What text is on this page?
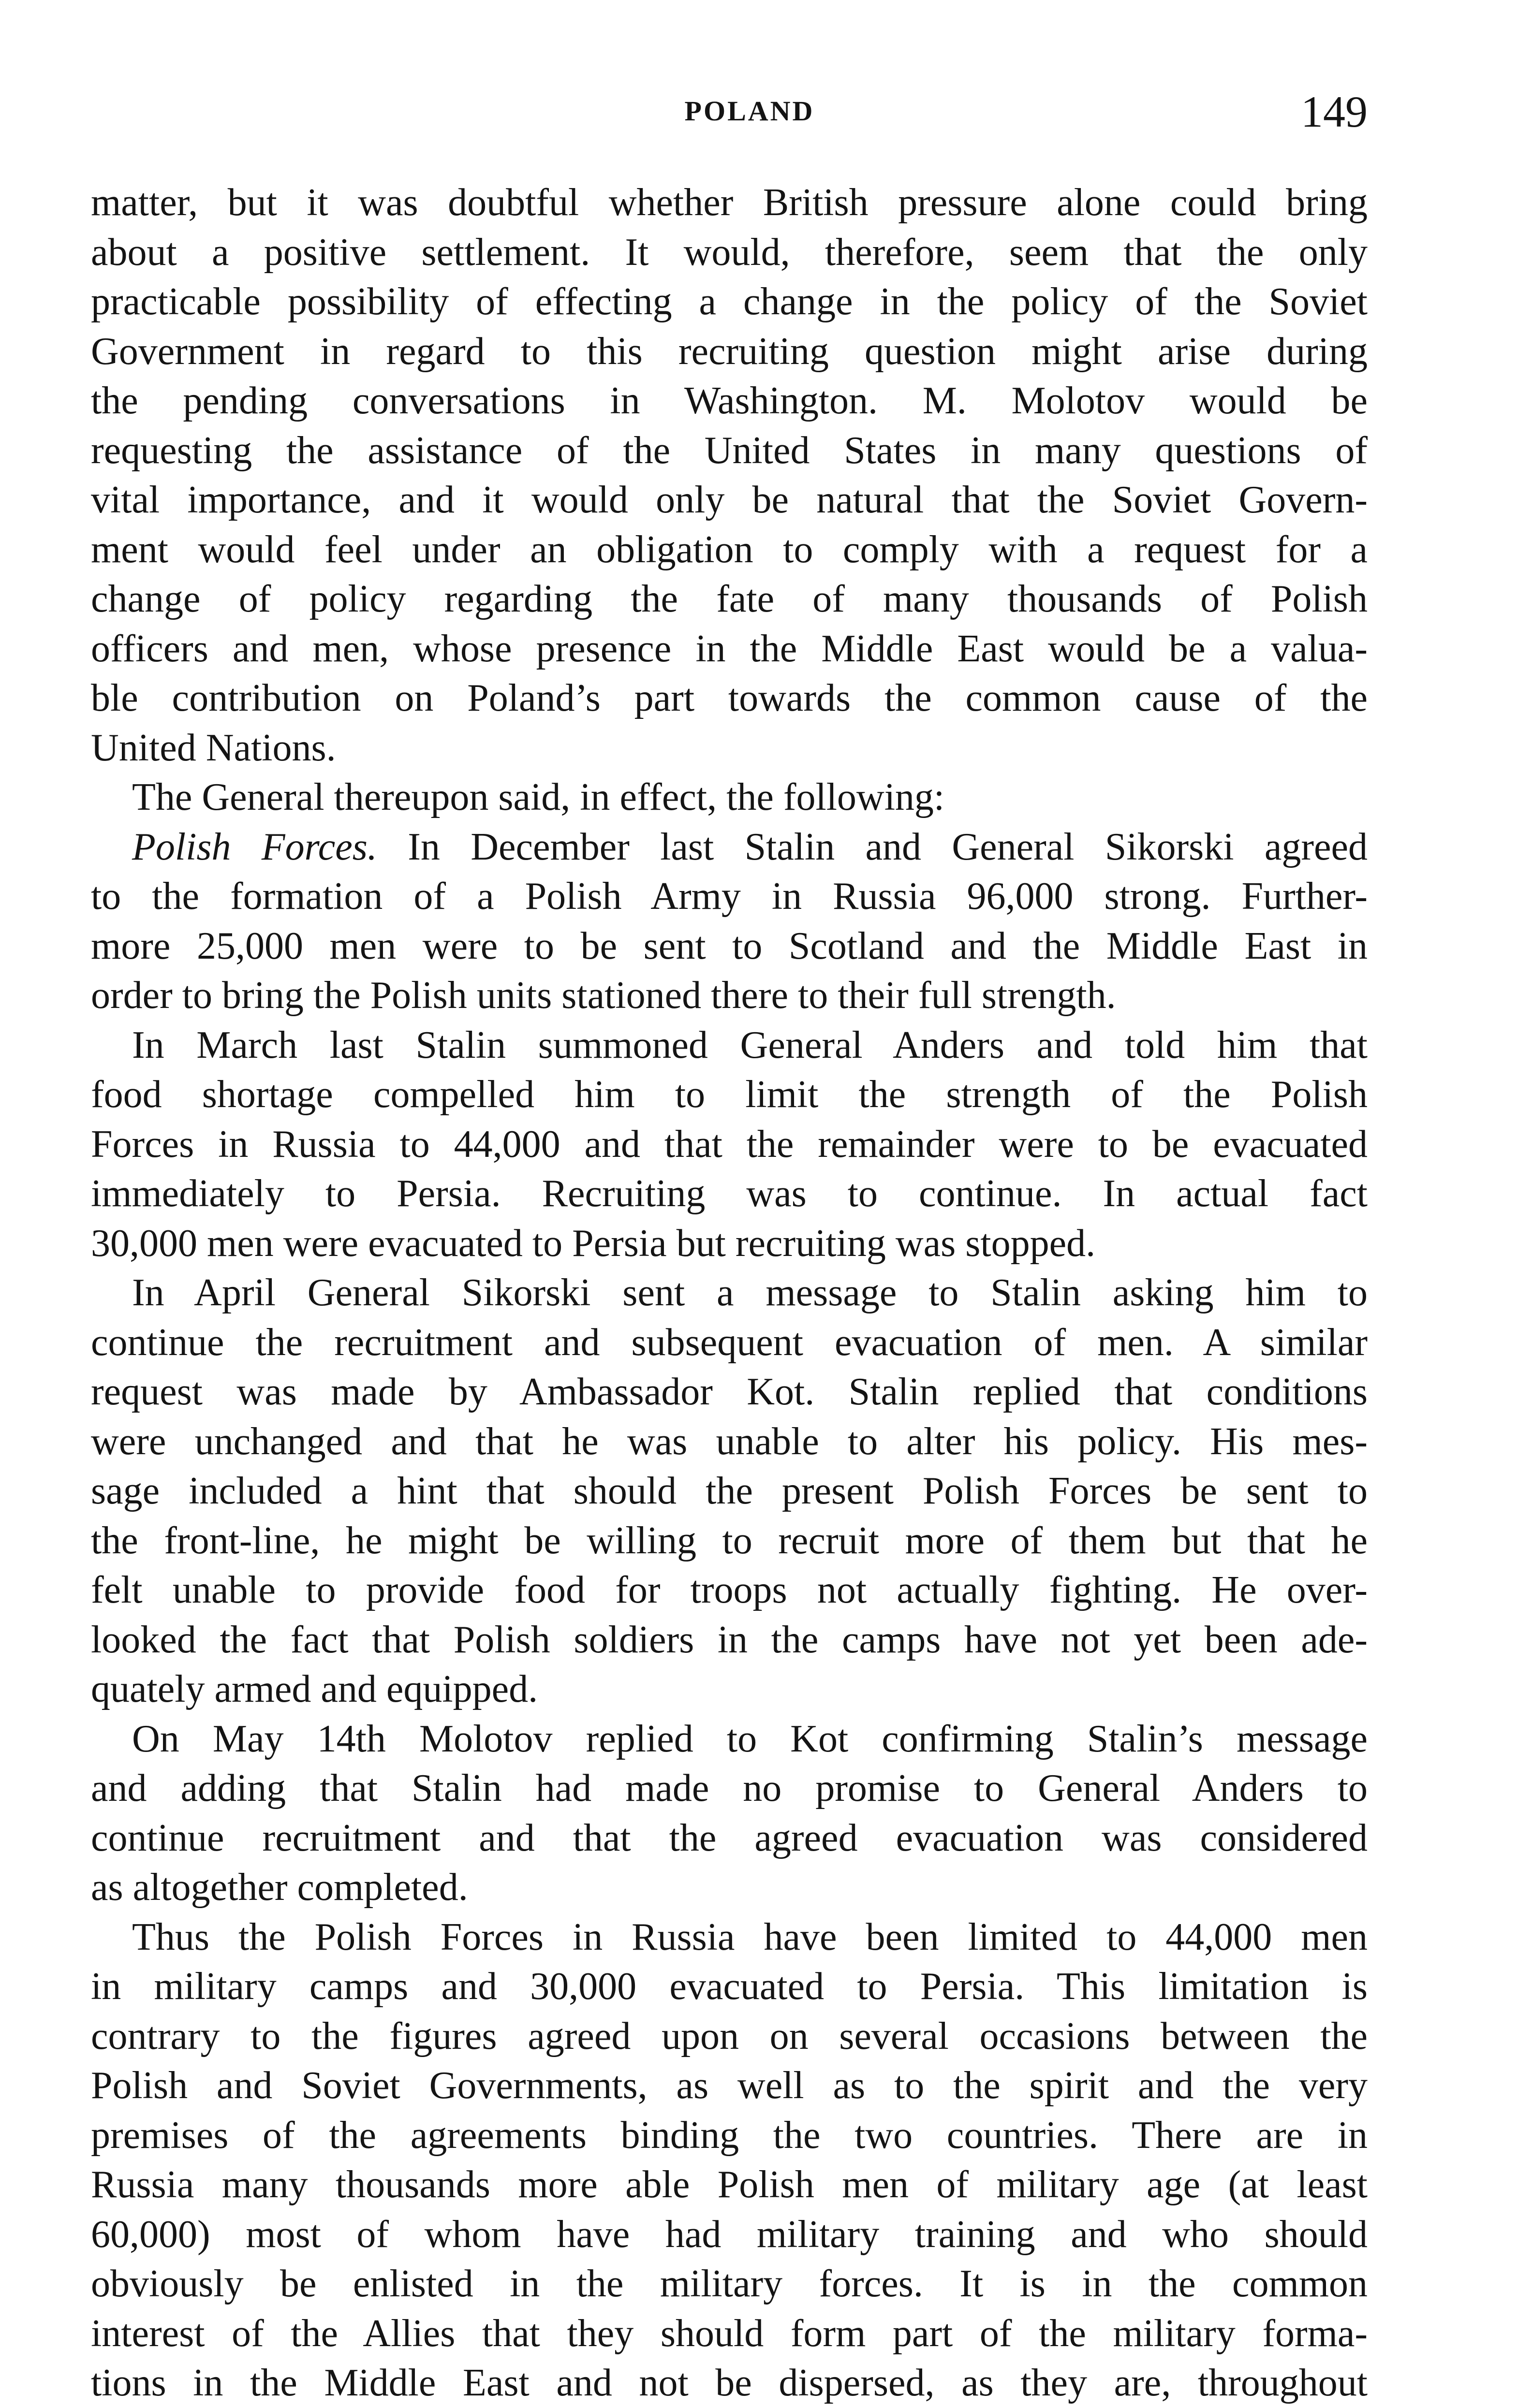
POLAND	149
matter, but it was doubtful whether British pressure alone could bring
about a positive settlement. It would, therefore, seem that the only
practicable possibility of effecting a change in the policy of the Soviet
Government in regard to this recruiting question might arise during
the pending conversations in Washington. M. Molotov would be
requesting the assistance of the United States in many questions of
vital importance, and it would only be natural that the Soviet Govern-
ment would feel under an obligation to comply with a request for a
change of policy regarding the fate of many thousands of Polish
officers and men, whose presence in the Middle East would be a valua-
ble contribution on Poland’s part towards the common cause of the
United Nations.
The General thereupon said, in effect, the following:
Polish Forces. In December last Stalin and General Sikorski agreed
to the formation of a Polish Army in Russia 96,000 strong. Further-
more 25,000 men were to be sent to Scotland and the Middle East in
order to bring the Polish units stationed there to their full strength.
In March last Stalin summoned General Anders and told him that
food shortage compelled him to limit the strength of the Polish
Forces in Russia to 44,000 and that the remainder were to be evacuated
immediately to Persia. Recruiting was to continue. In actual fact
30,000 men were evacuated to Persia but recruiting was stopped.
In April General Sikorski sent a message to Stalin asking him to
continue the recruitment and subsequent evacuation of men. A similar
request was made by Ambassador Kot. Stalin replied that conditions
were unchanged and that he was unable to alter his policy. His mes-
sage included a hint that should the present Polish Forces be sent to
the front-line, he might be willing to recruit more of them but that he
felt unable to provide food for troops not actually fighting. He over-
looked the fact that Polish soldiers in the camps have not yet been ade-
quately armed and equipped.
On May 14th Molotov replied to Kot confirming Stalin’s message
and adding that Stalin had made no promise to General Anders to
continue recruitment and that the agreed evacuation was considered
as altogether completed.
Thus the Polish Forces in Russia have been limited to 44,000 men
in military camps and 30,000 evacuated to Persia. This limitation is
contrary to the figures agreed upon on several occasions between the
Polish and Soviet Governments, as well as to the spirit and the very
premises of the agreements binding the two countries. There are in
Russia many thousands more able Polish men of military age (at least
60,000) most of whom have had military training and who should
obviously be enlisted in the military forces. It is in the common
interest of the Allies that they should form part of the military forma-
tions in the Middle East and not be dispersed, as they are, throughout
